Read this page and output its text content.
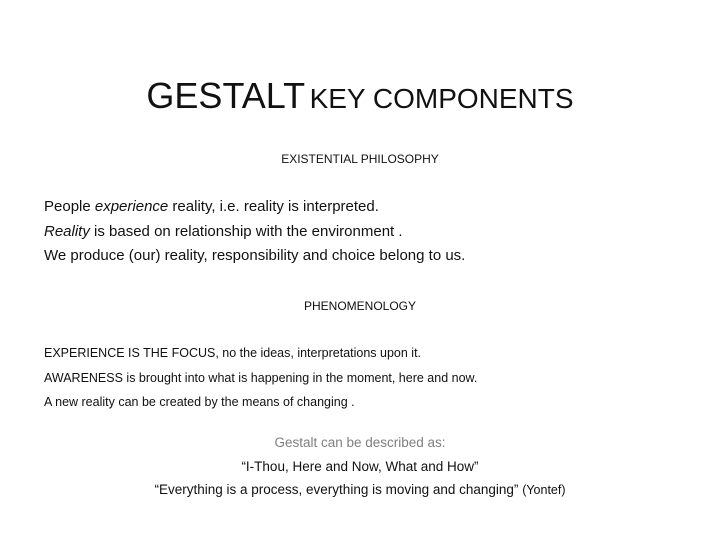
GESTALT KEY COMPONENTS
EXISTENTIAL PHILOSOPHY
People experience reality, i.e. reality is interpreted.
Reality is based on relationship with the environment .
We produce (our) reality, responsibility and choice belong to us.
PHENOMENOLOGY
EXPERIENCE IS THE FOCUS, no the ideas, interpretations upon it.
AWARENESS is brought into what is happening in the moment, here and now.
A new reality can be created by the means of changing .
Gestalt can be described as:
“I-Thou, Here and Now, What and How”
“Everything is a process, everything is moving and changing” (Yontef)
